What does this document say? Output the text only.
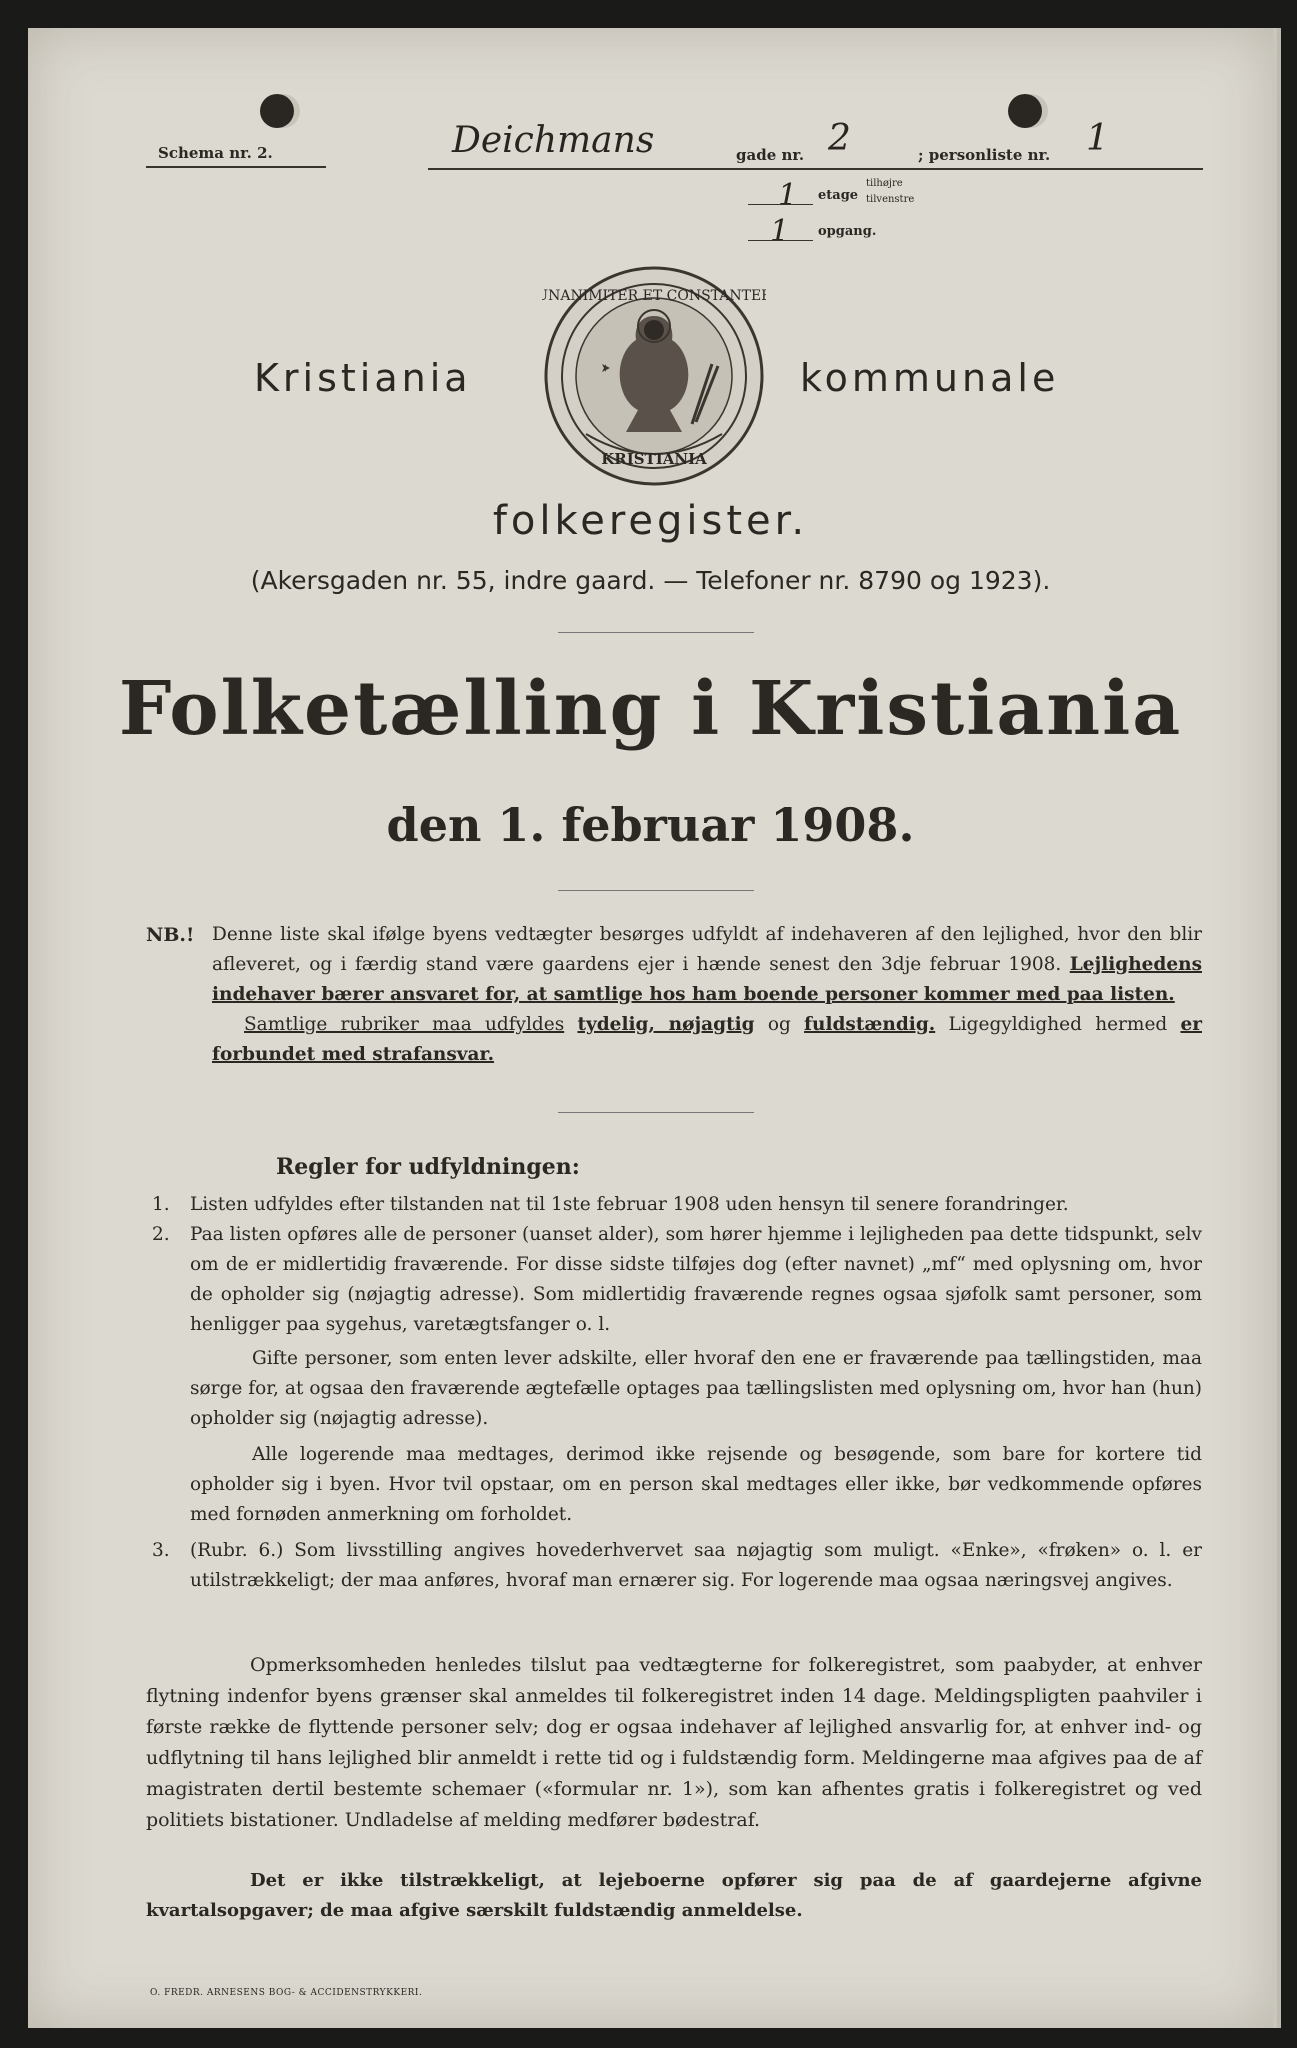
Schema nr. 2.	Deichmans	gade nr. 2	; personliste nr. 1
1 etage
tilhøjre
tilvenstre
1 opgang.
Kristiania	kommunale
UNANIMITER ET CONSTANTER
KRISTIANIA
folkeregister.
(Akersgaden nr. 55, indre gaard. — Telefoner nr. 8790 og 1923).
Folketælling i Kristiania
den 1. februar 1908.
NB.! Denne liste skal ifølge byens vedtægter besørges udfyldt af indehaveren af den lejlighed, hvor den blir afleveret, og i færdig stand være gaardens ejer i hænde senest den 3dje februar 1908. Lejlighedens indehaver bærer ansvaret for, at samtlige hos ham boende personer kommer med paa listen.
Samtlige rubriker maa udfyldes tydelig, nøjagtig og fuldstændig. Ligegyldighed hermed er forbundet med strafansvar.
Regler for udfyldningen:
1. Listen udfyldes efter tilstanden nat til 1ste februar 1908 uden hensyn til senere forandringer.
2. Paa listen opføres alle de personer (uanset alder), som hører hjemme i lejligheden paa dette tidspunkt, selv om de er midlertidig fraværende. For disse sidste tilføjes dog (efter navnet) „mf“ med oplysning om, hvor de opholder sig (nøjagtig adresse). Som midlertidig fraværende regnes ogsaa sjøfolk samt personer, som henligger paa sygehus, varetægtsfanger o. l.
Gifte personer, som enten lever adskilte, eller hvoraf den ene er fraværende paa tællingstiden, maa sørge for, at ogsaa den fraværende ægtefælle optages paa tællingslisten med oplysning om, hvor han (hun) opholder sig (nøjagtig adresse).
Alle logerende maa medtages, derimod ikke rejsende og besøgende, som bare for kortere tid opholder sig i byen. Hvor tvil opstaar, om en person skal medtages eller ikke, bør vedkommende opføres med fornøden anmerkning om forholdet.
3. (Rubr. 6.) Som livsstilling angives hovederhvervet saa nøjagtig som muligt. «Enke», «frøken» o. l. er utilstrækkeligt; der maa anføres, hvoraf man ernærer sig. For logerende maa ogsaa næringsvej angives.
Opmerksomheden henledes tilslut paa vedtægterne for folkeregistret, som paabyder, at enhver flytning indenfor byens grænser skal anmeldes til folkeregistret inden 14 dage. Meldingspligten paahviler i første række de flyttende personer selv; dog er ogsaa indehaver af lejlighed ansvarlig for, at enhver ind- og udflytning til hans lejlighed blir anmeldt i rette tid og i fuldstændig form. Meldingerne maa afgives paa de af magistraten dertil bestemte schemaer («formular nr. 1»), som kan afhentes gratis i folkeregistret og ved politiets bistationer. Undladelse af melding medfører bødestraf.
Det er ikke tilstrækkeligt, at lejeboerne opfører sig paa de af gaardejerne afgivne kvartalsopgaver; de maa afgive særskilt fuldstændig anmeldelse.
O. FREDR. ARNESENS BOG- & ACCIDENSTRYKKERI.
